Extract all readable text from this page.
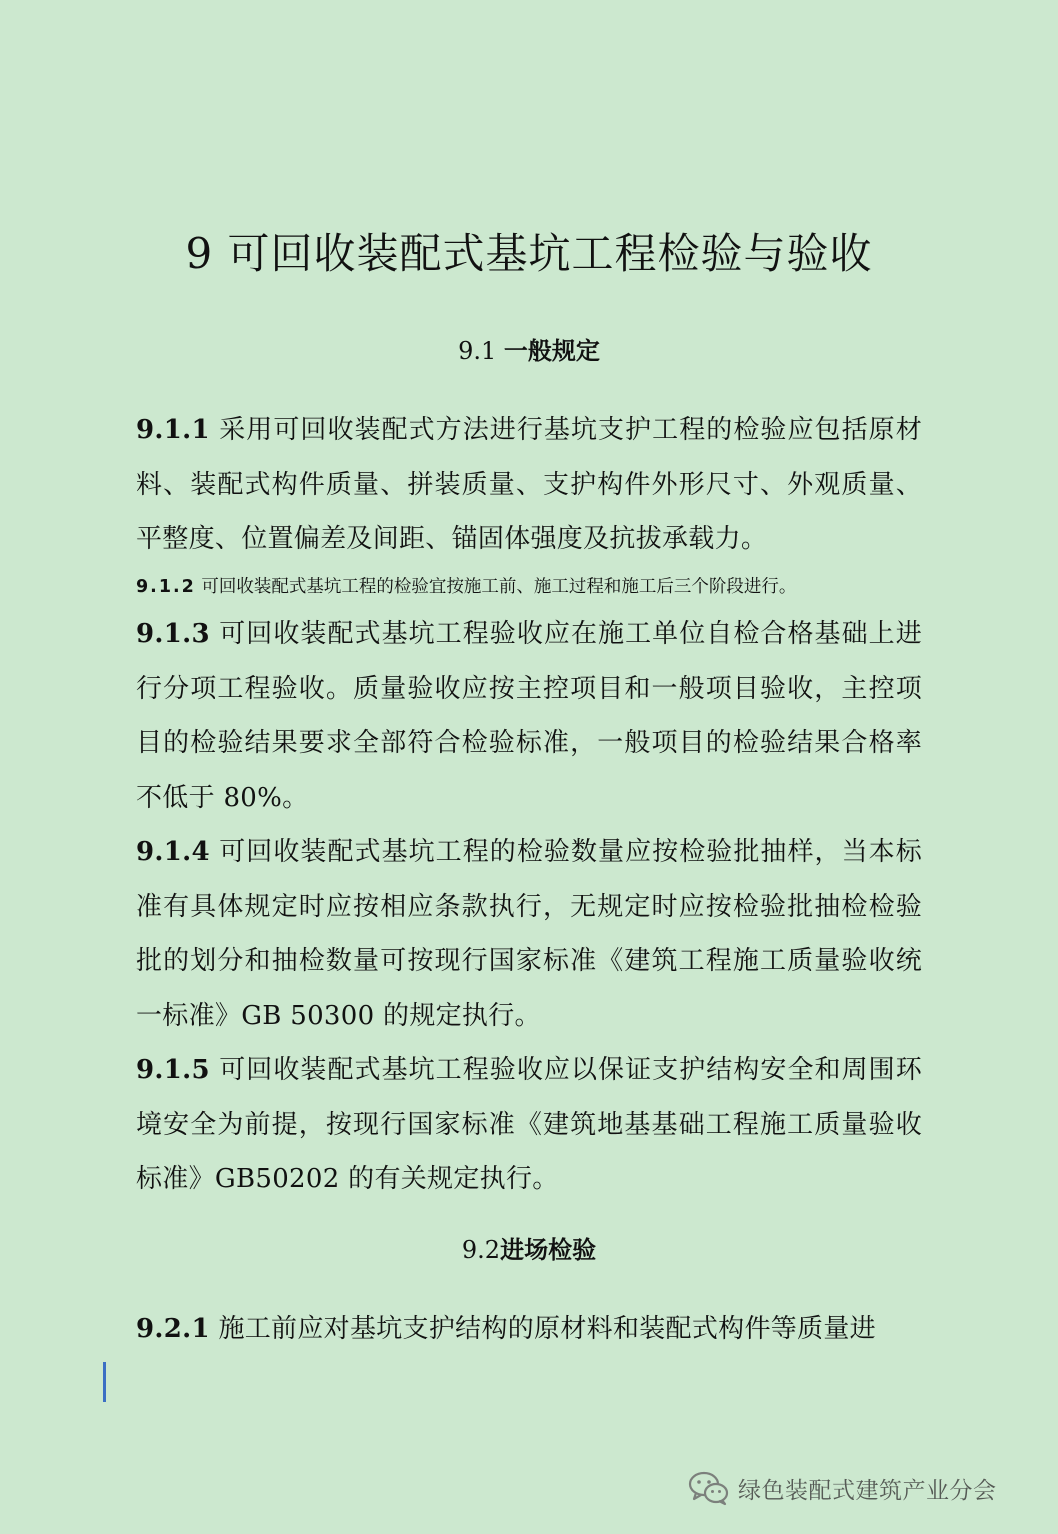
9 可回收装配式基坑工程检验与验收
9.1 一般规定

9.1.1 采用可回收装配式方法进行基坑支护工程的检验应包括原材料、装配式构件质量、拼装质量、支护构件外形尺寸、外观质量、平整度、位置偏差及间距、锚固体强度及抗拔承载力。

9.1.2 可回收装配式基坑工程的检验宜按施工前、施工过程和施工后三个阶段进行。

9.1.3 可回收装配式基坑工程验收应在施工单位自检合格基础上进行分项工程验收。质量验收应按主控项目和一般项目验收，主控项目的检验结果要求全部符合检验标准，一般项目的检验结果合格率不低于 80%。

9.1.4 可回收装配式基坑工程的检验数量应按检验批抽样，当本标准有具体规定时应按相应条款执行，无规定时应按检验批抽检检验批的划分和抽检数量可按现行国家标准《建筑工程施工质量验收统一标准》GB 50300 的规定执行。

9.1.5 可回收装配式基坑工程验收应以保证支护结构安全和周围环境安全为前提，按现行国家标准《建筑地基基础工程施工质量验收标准》GB50202 的有关规定执行。

9.2进场检验

9.2.1 施工前应对基坑支护结构的原材料和装配式构件等质量进

绿色装配式建筑产业分会
